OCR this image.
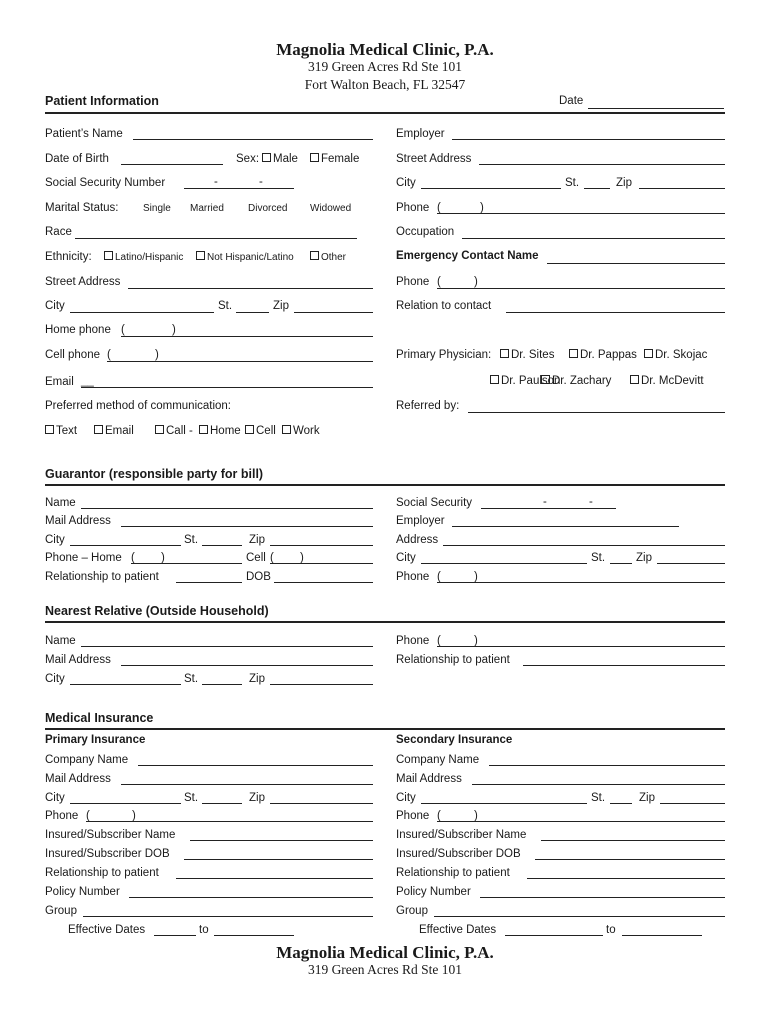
Magnolia Medical Clinic, P.A.
319 Green Acres Rd Ste 101
Fort Walton Beach, FL 32547
Patient Information	Date
Patient’s Name
Date of Birth	Sex:	Male	Female
Social Security Number	-	-
Marital Status: Single Married Divorced Widowed
Race
Ethnicity:	Latino/Hispanic	Not Hispanic/Latino	Other
Street Address
City	St.	Zip
Home phone (	)
Cell phone (	)
Email __
Preferred method of communication:
Text	Email	Call -	Home	Cell	Work
Employer
Street Address
City	St.	Zip
Phone (	)
Occupation
Emergency Contact Name
Phone (	)
Relation to contact
Primary Physician:	Dr. Sites	Dr. Pappas	Dr. Skojac
Dr. Paulson
Dr. Zachary	Dr. McDevitt
Referred by:
Guarantor (responsible party for bill)
Name
Mail Address
City	St.	Zip
Phone – Home ( )	Cell ( )
Relationship to patient	DOB
Social Security	-	-
Employer
Address
City	St.	Zip
Phone (	)
Nearest Relative (Outside Household)
Name
Mail Address
City	St.	Zip
Phone (	)
Relationship to patient
Medical Insurance
Primary Insurance	Secondary Insurance
Company Name
Mail Address
City	St.	Zip
Phone (	)
Insured/Subscriber Name
Insured/Subscriber DOB
Relationship to patient
Policy Number
Group
Effective Dates	to
Company Name
Mail Address
City	St.	Zip
Phone (	)
Insured/Subscriber Name
Insured/Subscriber DOB
Relationship to patient
Policy Number
Group
Effective Dates	to
Magnolia Medical Clinic, P.A.
319 Green Acres Rd Ste 101
